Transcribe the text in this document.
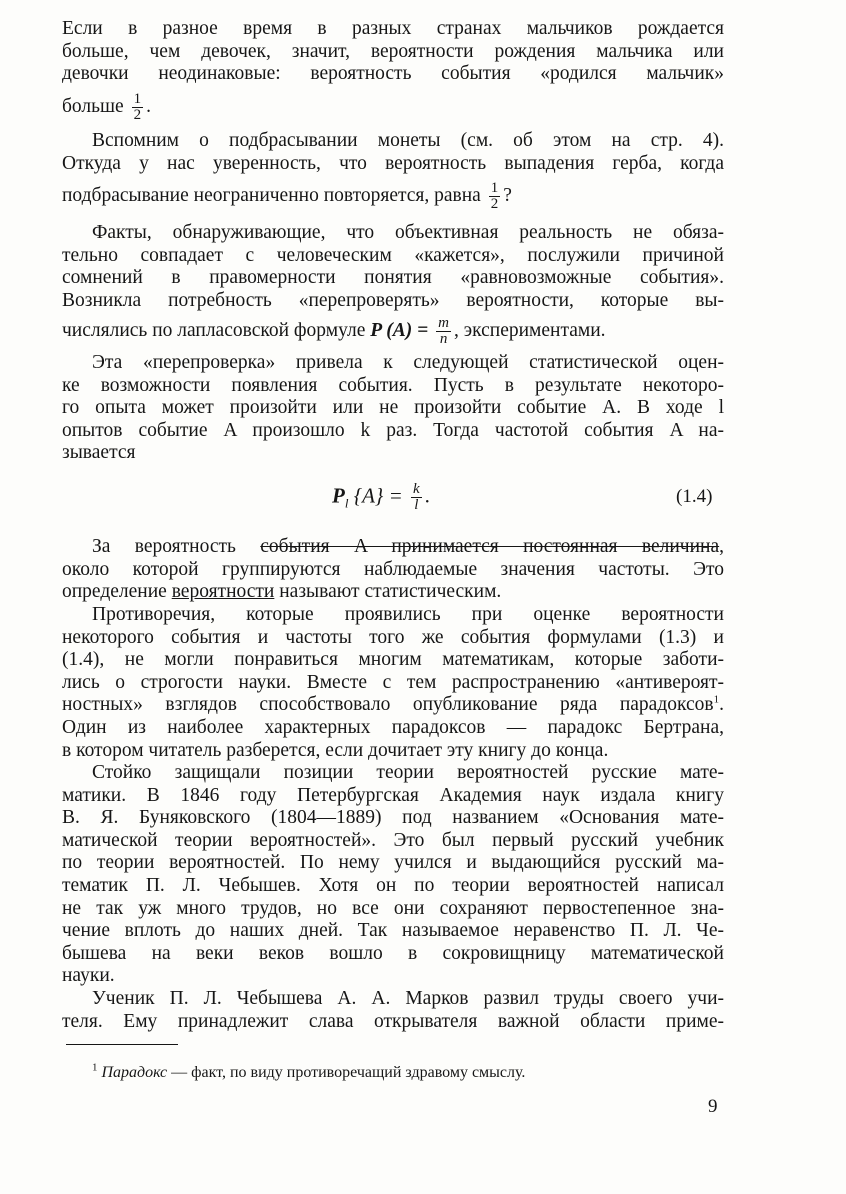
Если в разное время в разных странах мальчиков рождается
больше, чем девочек, значит, вероятности рождения мальчика или
девочки неодинаковые: вероятность события «родился мальчик»
больше $\frac{1}{2}$ .
Вспомним о подбрасывании монеты (см. об этом на стр. 4).
Откуда у нас уверенность, что вероятность выпадения герба, когда
подбрасывание неограниченно повторяется, равна $\frac{1}{2}$ ?
Факты, обнаруживающие, что объективная реальность не обяза-
тельно совпадает с человеческим «кажется», послужили причиной
сомнений в правомерности понятия «равновозможные события».
Возникла потребность «перепроверять» вероятности, которые вы-
числялись по лапласовской формуле P $(A) = \frac{m}{n}$ , экспериментами.
Эта «перепроверка» привела к следующей статистической оцен-
ке возможности появления события. Пусть в результате некоторо-
го опыта может произойти или не произойти событие A. В ходе l
опытов событие A произошло k раз. Тогда частотой события A на-
зывается
$P_l$ $\{A\} = \frac{k}{l}$ .	(1.4)
За вероятность события A принимается постоянная величина,
около которой группируются наблюдаемые значения частоты. Это
определение вероятности называют статистическим.
Противоречия, которые проявились при оценке вероятности
некоторого события и частоты того же события формулами (1.3) и
(1.4), не могли понравиться многим математикам, которые заботи-
лись о строгости науки. Вместе с тем распространению «антивероят-
ностных» взглядов способствовало опубликование ряда парадоксов$^1$.
Один из наиболее характерных парадоксов — парадокс Бертрана,
в котором читатель разберется, если дочитает эту книгу до конца.
Стойко защищали позиции теории вероятностей русские мате-
матики. В 1846 году Петербургская Академия наук издала книгу
В. Я. Буняковского (1804—1889) под названием «Основания мате-
матической теории вероятностей». Это был первый русский учебник
по теории вероятностей. По нему учился и выдающийся русский ма-
тематик П. Л. Чебышев. Хотя он по теории вероятностей написал
не так уж много трудов, но все они сохраняют первостепенное зна-
чение вплоть до наших дней. Так называемое неравенство П. Л. Че-
бышева на веки веков вошло в сокровищницу математической
науки.
Ученик П. Л. Чебышева А. А. Марков развил труды своего учи-
теля. Ему принадлежит слава открывателя важной области приме-
$^1$ Парадокс — факт, по виду противоречащий здравому смыслу.
9
